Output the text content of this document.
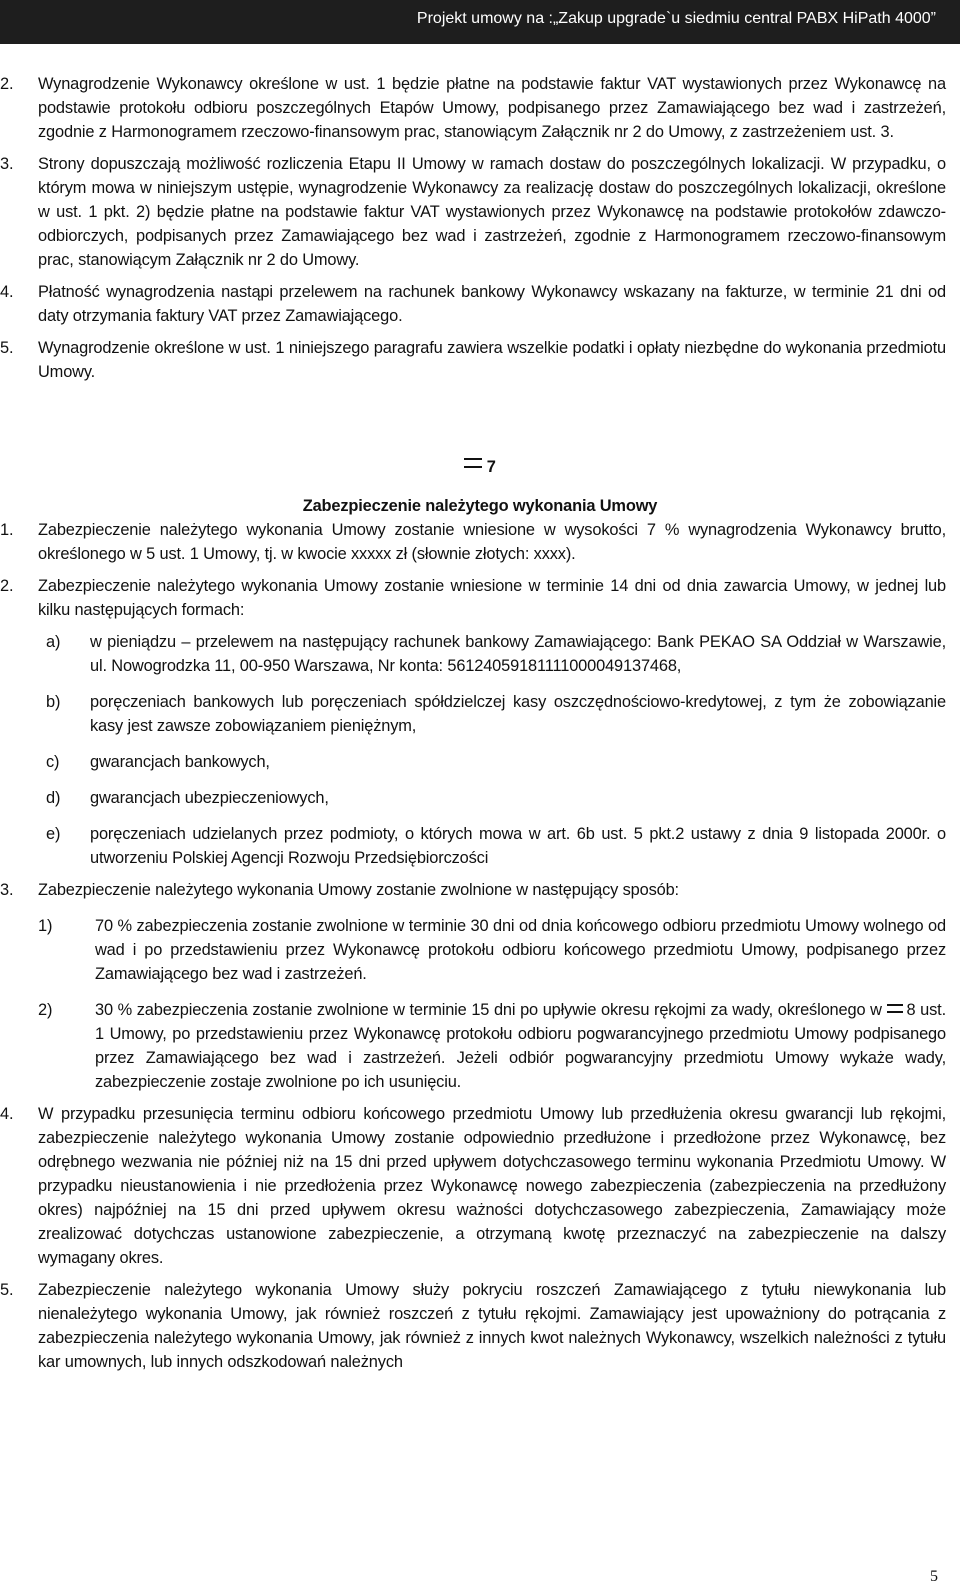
Projekt umowy na :„Zakup upgrade`u siedmiu central PABX HiPath 4000”
2. Wynagrodzenie Wykonawcy określone w ust. 1 będzie płatne na podstawie faktur VAT wystawionych przez Wykonawcę na podstawie protokołu odbioru poszczególnych Etapów Umowy, podpisanego przez Zamawiającego bez wad i zastrzeżeń, zgodnie z Harmonogramem rzeczowo-finansowym prac, stanowiącym Załącznik nr 2 do Umowy, z zastrzeżeniem ust. 3.
3. Strony dopuszczają możliwość rozliczenia Etapu II Umowy w ramach dostaw do poszczególnych lokalizacji. W przypadku, o którym mowa w niniejszym ustępie, wynagrodzenie Wykonawcy za realizację dostaw do poszczególnych lokalizacji, określone w ust. 1 pkt. 2) będzie płatne na podstawie faktur VAT wystawionych przez Wykonawcę na podstawie protokołów zdawczo-odbiorczych, podpisanych przez Zamawiającego bez wad i zastrzeżeń, zgodnie z Harmonogramem rzeczowo-finansowym prac, stanowiącym Załącznik nr 2 do Umowy.
4. Płatność wynagrodzenia nastąpi przelewem na rachunek bankowy Wykonawcy wskazany na fakturze, w terminie 21 dni od daty otrzymania faktury VAT przez Zamawiającego.
5. Wynagrodzenie określone w ust. 1 niniejszego paragrafu zawiera wszelkie podatki i opłaty niezbędne do wykonania przedmiotu Umowy.
7
Zabezpieczenie należytego wykonania Umowy
1. Zabezpieczenie należytego wykonania Umowy zostanie wniesione w wysokości 7 % wynagrodzenia Wykonawcy brutto, określonego w 5 ust. 1 Umowy, tj. w kwocie xxxxx zł (słownie złotych: xxxx).
2. Zabezpieczenie należytego wykonania Umowy zostanie wniesione w terminie 14 dni od dnia zawarcia Umowy, w jednej lub kilku następujących formach:
a) w pieniądzu – przelewem na następujący rachunek bankowy Zamawiającego: Bank PEKAO SA Oddział w Warszawie, ul. Nowogrodzka 11, 00-950 Warszawa, Nr konta: 56124059181111000049137468,
b) poręczeniach bankowych lub poręczeniach spółdzielczej kasy oszczędnościowo-kredytowej, z tym że zobowiązanie kasy jest zawsze zobowiązaniem pieniężnym,
c) gwarancjach bankowych,
d) gwarancjach ubezpieczeniowych,
e) poręczeniach udzielanych przez podmioty, o których mowa w art. 6b ust. 5 pkt.2 ustawy z dnia 9 listopada 2000r. o utworzeniu Polskiej Agencji Rozwoju Przedsiębiorczości
3. Zabezpieczenie należytego wykonania Umowy zostanie zwolnione w następujący sposób:
1)	70 % zabezpieczenia zostanie zwolnione w terminie 30 dni od dnia końcowego odbioru przedmiotu Umowy wolnego od wad i po przedstawieniu przez Wykonawcę protokołu odbioru końcowego przedmiotu Umowy, podpisanego przez Zamawiającego bez wad i zastrzeżeń.
2)	30 % zabezpieczenia zostanie zwolnione w terminie 15 dni po upływie okresu rękojmi za wady, określonego w 8 ust. 1 Umowy, po przedstawieniu przez Wykonawcę protokołu odbioru pogwarancyjnego przedmiotu Umowy podpisanego przez Zamawiającego bez wad i zastrzeżeń. Jeżeli odbiór pogwarancyjny przedmiotu Umowy wykaże wady, zabezpieczenie zostaje zwolnione po ich usunięciu.
4. W przypadku przesunięcia terminu odbioru końcowego przedmiotu Umowy lub przedłużenia okresu gwarancji lub rękojmi, zabezpieczenie należytego wykonania Umowy zostanie odpowiednio przedłużone i przedłożone przez Wykonawcę, bez odrębnego wezwania nie później niż na 15 dni przed upływem dotychczasowego terminu wykonania Przedmiotu Umowy. W przypadku nieustanowienia i nie przedłożenia przez Wykonawcę nowego zabezpieczenia (zabezpieczenia na przedłużony okres) najpóźniej na 15 dni przed upływem okresu ważności dotychczasowego zabezpieczenia, Zamawiający może zrealizować dotychczas ustanowione zabezpieczenie, a otrzymaną kwotę przeznaczyć na zabezpieczenie na dalszy wymagany okres.
5. Zabezpieczenie należytego wykonania Umowy służy pokryciu roszczeń Zamawiającego z tytułu niewykonania lub nienależytego wykonania Umowy, jak również roszczeń z tytułu rękojmi. Zamawiający jest upoważniony do potrącania z zabezpieczenia należytego wykonania Umowy, jak również z innych kwot należnych Wykonawcy, wszelkich należności z tytułu kar umownych, lub innych odszkodowań należnych
5
